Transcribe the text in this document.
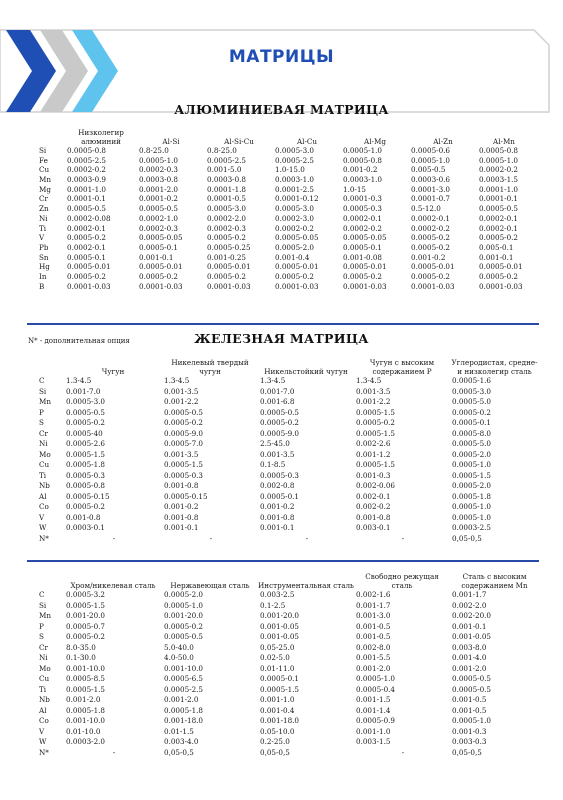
МАТРИЦЫ
АЛЮМИНИЕВАЯ МАТРИЦА
	Низколегир алюминий	Al-Si	Al-Si-Cu	Al-Cu	Al-Mg	Al-Zn	Al-Mn
Si	0.0005-0.8	0.8-25.0	0.8-25.0	0.0005-3.0	0.0005-1.0	0.0005-0.6	0.0005-0.8
Fe	0.0005-2.5	0.0005-1.0	0.0005-2.5	0.0005-2.5	0.0005-0.8	0.0005-1.0	0.0005-1.0
Cu	0.0002-0.2	0.0002-0.3	0.001-5.0	1.0-15.0	0.001-0.2	0.005-0.5	0.0002-0.2
Mn	0.0003-0.9	0.0003-0.8	0.0003-0.8	0.0003-1.0	0.0003-1.0	0.0003-0.6	0.0003-1.5
Mg	0.0001-1.0	0.0001-2.0	0.0001-1.8	0.0001-2.5	1.0-15	0.0001-3.0	0.0001-1.0
Cr	0.0001-0.1	0.0001-0.2	0.0001-0.5	0.0001-0.12	0.0001-0.3	0.0001-0.7	0.0001-0.1
Zn	0.0005-0.5	0.0005-0.5	0.0005-3.0	0.0005-3.0	0.0005-0.3	0.5-12.0	0.0005-0.5
Ni	0.0002-0.08	0.0002-1.0	0.0002-2.0	0.0002-3.0	0.0002-0.1	0.0002-0.1	0.0002-0.1
Ti	0.0002-0.1	0.0002-0.3	0.0002-0.3	0.0002-0.2	0.0002-0.2	0.0002-0.2	0.0002-0.1
V	0.0005-0.2	0.0005-0.05	0.0005-0.2	0.0005-0.05	0.0005-0.05	0.0005-0.2	0.0005-0.2
Pb	0.0002-0.1	0.0005-0.1	0.0005-0.25	0.0005-2.0	0.0005-0.1	0.0005-0.2	0.005-0.1
Sn	0.0005-0.1	0.001-0.1	0.001-0.25	0.001-0.4	0.001-0.08	0.001-0.2	0.001-0.1
Hg	0.0005-0.01	0.0005-0.01	0.0005-0.01	0.0005-0.01	0.0005-0.01	0.0005-0.01	0.0005-0.01
In	0.0005-0.2	0.0005-0.2	0.0005-0.2	0.0005-0.2	0.0005-0.2	0.0005-0.2	0.0005-0.2
B	0.0001-0.03	0.0001-0.03	0.0001-0.03	0.0001-0.03	0.0001-0.03	0.0001-0.03	0.0001-0.03
N* - дополнительная опция	ЖЕЛЕЗНАЯ МАТРИЦА
	Чугун	Никелевый твердый чугун	Никельстойкий чугун	Чугун с высоким содержанием P	Углеродистая, средне- и низколегир сталь
C	1.3-4.5	1.3-4.5	1.3-4.5	1.3-4.5	0.0005-1.6
Si	0.001-7.0	0.001-3.5	0.001-7.0	0.001-3.5	0.0005-3.0
Mn	0.0005-3.0	0.001-2.2	0.001-6.8	0.001-2.2	0.0005-5.0
P	0.0005-0.5	0.0005-0.5	0.0005-0.5	0.0005-1.5	0.0005-0.2
S	0.0005-0.2	0.0005-0.2	0.0005-0.2	0.0005-0.2	0.0005-0.1
Cr	0.0005-40	0.0005-9.0	0.0005-9.0	0.0005-1.5	0.0005-8.0
Ni	0.0005-2.6	0.0005-7.0	2.5-45.0	0.002-2.6	0.0005-5.0
Mo	0.0005-1.5	0.001-3.5	0.001-3.5	0.001-1.2	0.0005-2.0
Cu	0.0005-1.8	0.0005-1.5	0.1-8.5	0.0005-1.5	0.0005-1.0
Ti	0.0005-0.3	0.0005-0.3	0.0005-0.3	0.001-0.3	0.0005-1.5
Nb	0.0005-0.8	0.001-0.8	0.002-0.8	0.002-0.06	0.0005-2.0
Al	0.0005-0.15	0.0005-0.15	0.0005-0.1	0.002-0.1	0.0005-1.8
Co	0.0005-0.2	0.001-0.2	0.001-0.2	0.002-0.2	0.0005-1.0
V	0.001-0.8	0.001-0.8	0.001-0.8	0.001-0.8	0.0005-1.0
W	0.0003-0.1	0.001-0.1	0.001-0.1	0.003-0.1	0.0003-2.5
N*	-	-	-	-	0,05-0,5
	Хром/никелевая сталь	Нержавеющая сталь	Инструментальная сталь	Свободно режущая сталь	Сталь с высоким содержанием Mn
C	0.0005-3.2	0.0005-2.0	0.003-2.5	0.002-1.6	0.001-1.7
Si	0.0005-1.5	0.0005-1.0	0.1-2.5	0.001-1.7	0.002-2.0
Mn	0.001-20.0	0.001-20.0	0.001-20.0	0.001-3.0	0.002-20.0
P	0.0005-0.7	0.0005-0.2	0.001-0.05	0.001-0.5	0.001-0.1
S	0.0005-0.2	0.0005-0.5	0.001-0.05	0.001-0.5	0.001-0.05
Cr	8.0-35.0	5.0-40.0	0.05-25.0	0.002-8.0	0.003-8.0
Ni	0.1-30.0	4.0-50.0	0.02-5.0	0.001-5.5	0.001-4.0
Mo	0.001-10.0	0.001-10.0	0.01-11.0	0.001-2.0	0.001-2.0
Cu	0.0005-8.5	0.0005-6.5	0.0005-0.1	0.0005-1.0	0.0005-0.5
Ti	0.0005-1.5	0.0005-2.5	0.0005-1.5	0.0005-0.4	0.0005-0.5
Nb	0.001-2.0	0.001-2.0	0.001-1.0	0.001-1.5	0.001-0.5
Al	0.0005-1.8	0.0005-1.8	0.001-0.4	0.001-1.4	0.001-0.5
Co	0.001-10.0	0.001-18.0	0.001-18.0	0.0005-0.9	0.0005-1.0
V	0.01-10.0	0.01-1.5	0.05-10.0	0.001-1.0	0.001-0.3
W	0.0003-2.0	0.003-4.0	0.2-25.0	0.003-1.5	0.003-0.3
N*	-	0,05-0,5	0,05-0,5	-	0,05-0,5
